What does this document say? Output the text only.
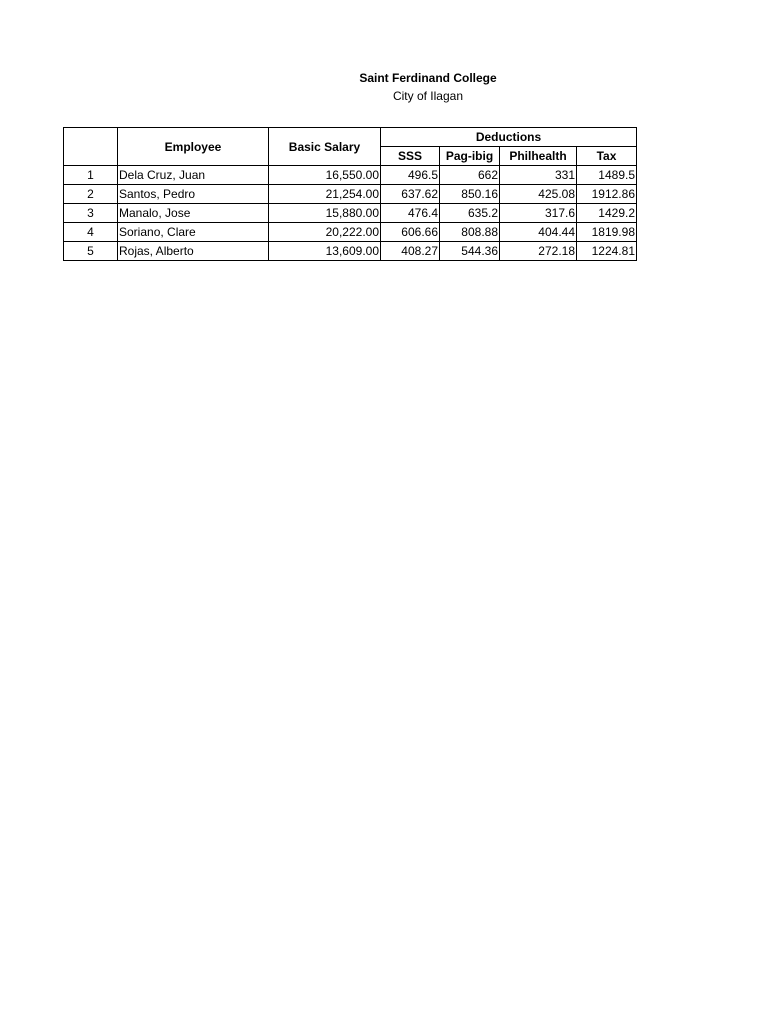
Saint Ferdinand College
City of Ilagan
	Employee	Basic Salary	Deductions			
			SSS	Pag-ibig	Philhealth	Tax
1	Dela Cruz, Juan	16,550.00	496.5	662	331	1489.5
2	Santos, Pedro	21,254.00	637.62	850.16	425.08	1912.86
3	Manalo, Jose	15,880.00	476.4	635.2	317.6	1429.2
4	Soriano, Clare	20,222.00	606.66	808.88	404.44	1819.98
5	Rojas, Alberto	13,609.00	408.27	544.36	272.18	1224.81
